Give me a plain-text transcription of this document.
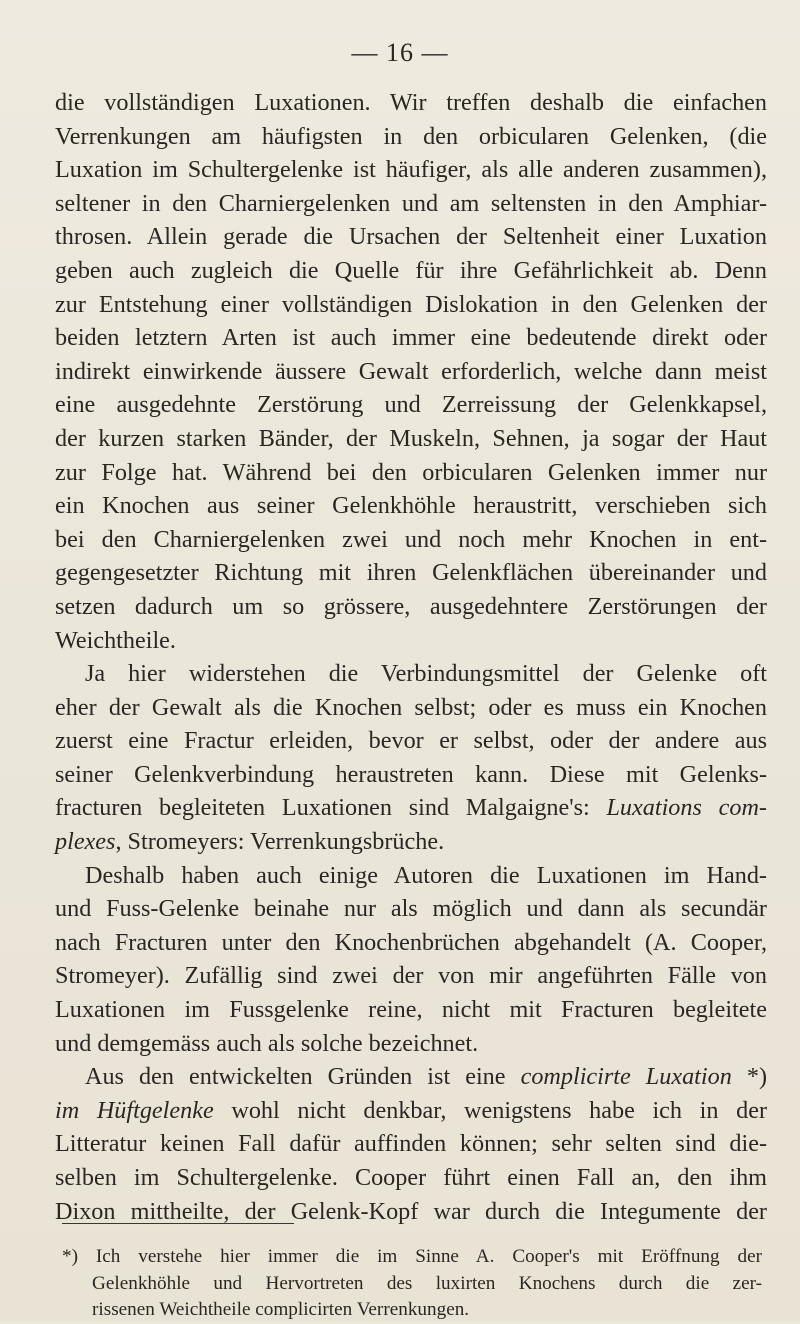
— 16 —
die vollständigen Luxationen. Wir treffen deshalb die einfachen
Verrenkungen am häufigsten in den orbicularen Gelenken, (die
Luxation im Schultergelenke ist häufiger, als alle anderen zusammen),
seltener in den Charniergelenken und am seltensten in den Amphiar-
throsen. Allein gerade die Ursachen der Seltenheit einer Luxation
geben auch zugleich die Quelle für ihre Gefährlichkeit ab. Denn
zur Entstehung einer vollständigen Dislokation in den Gelenken der
beiden letztern Arten ist auch immer eine bedeutende direkt oder
indirekt einwirkende äussere Gewalt erforderlich, welche dann meist
eine ausgedehnte Zerstörung und Zerreissung der Gelenkkapsel,
der kurzen starken Bänder, der Muskeln, Sehnen, ja sogar der Haut
zur Folge hat. Während bei den orbicularen Gelenken immer nur
ein Knochen aus seiner Gelenkhöhle heraustritt, verschieben sich
bei den Charniergelenken zwei und noch mehr Knochen in ent-
gegengesetzter Richtung mit ihren Gelenkflächen übereinander und
setzen dadurch um so grössere, ausgedehntere Zerstörungen der
Weichtheile.
Ja hier widerstehen die Verbindungsmittel der Gelenke oft
eher der Gewalt als die Knochen selbst; oder es muss ein Knochen
zuerst eine Fractur erleiden, bevor er selbst, oder der andere aus
seiner Gelenkverbindung heraustreten kann. Diese mit Gelenks-
fracturen begleiteten Luxationen sind Malgaigne's: Luxations com-
plexes, Stromeyers: Verrenkungsbrüche.
Deshalb haben auch einige Autoren die Luxationen im Hand-
und Fuss-Gelenke beinahe nur als möglich und dann als secundär
nach Fracturen unter den Knochenbrüchen abgehandelt (A. Cooper,
Stromeyer). Zufällig sind zwei der von mir angeführten Fälle von
Luxationen im Fussgelenke reine, nicht mit Fracturen begleitete
und demgemäss auch als solche bezeichnet.
Aus den entwickelten Gründen ist eine complicirte Luxation *)
im Hüftgelenke wohl nicht denkbar, wenigstens habe ich in der
Litteratur keinen Fall dafür auffinden können; sehr selten sind die-
selben im Schultergelenke. Cooper führt einen Fall an, den ihm
Dixon mittheilte, der Gelenk-Kopf war durch die Integumente der
*) Ich verstehe hier immer die im Sinne A. Cooper's mit Eröffnung der
Gelenkhöhle und Hervortreten des luxirten Knochens durch die zer-
rissenen Weichtheile complicirten Verrenkungen.
